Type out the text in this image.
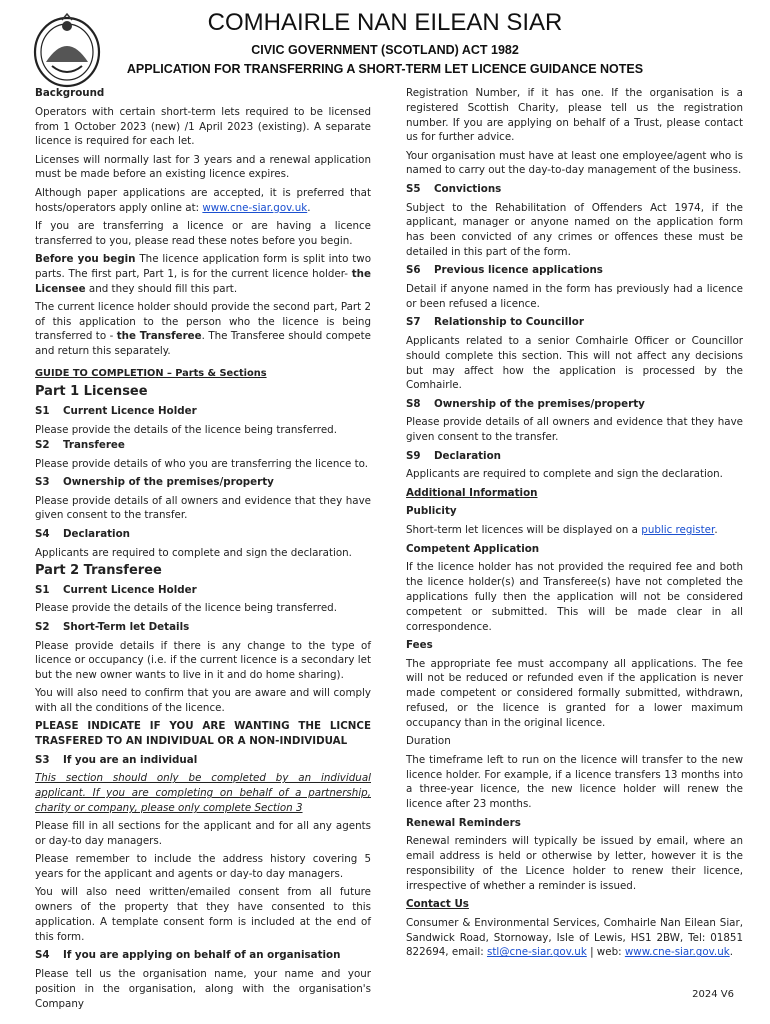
COMHAIRLE NAN EILEAN SIAR
CIVIC GOVERNMENT (SCOTLAND) ACT 1982
APPLICATION FOR TRANSFERRING A SHORT-TERM LET LICENCE GUIDANCE NOTES
Background

Operators with certain short-term lets required to be licensed from 1 October 2023 (new) /1 April 2023 (existing). A separate licence is required for each let.

Licenses will normally last for 3 years and a renewal application must be made before an existing licence expires.

Although paper applications are accepted, it is preferred that hosts/operators apply online at: www.cne-siar.gov.uk.

If you are transferring a licence or are having a licence transferred to you, please read these notes before you begin.

Before you begin The licence application form is split into two parts. The first part, Part 1, is for the current licence holder- the Licensee and they should fill this part.

The current licence holder should provide the second part, Part 2 of this application to the person who the licence is being transferred to - the Transferee. The Transferee should compete and return this separately.

GUIDE TO COMPLETION – Parts & Sections
Part 1 Licensee
S1 Current Licence Holder

Please provide the details of the licence being transferred.

S2 Transferee

Please provide details of who you are transferring the licence to.

S3 Ownership of the premises/property

Please provide details of all owners and evidence that they have given consent to the transfer.

S4 Declaration

Applicants are required to complete and sign the declaration.

Part 2 Transferee
S1 Current Licence Holder

Please provide the details of the licence being transferred.

S2 Short-Term let Details

Please provide details if there is any change to the type of licence or occupancy (i.e. if the current licence is a secondary let but the new owner wants to live in it and do home sharing).

You will also need to confirm that you are aware and will comply with all the conditions of the licence.

PLEASE INDICATE IF YOU ARE WANTING THE LICNCE TRASFERED TO AN INDIVIDUAL OR A NON-INDIVIDUAL

S3 If you are an individual

This section should only be completed by an individual applicant. If you are completing on behalf of a partnership, charity or company, please only complete Section 3

Please fill in all sections for the applicant and for all any agents or day-to day managers.

Please remember to include the address history covering 5 years for the applicant and agents or day-to day managers.

You will also need written/emailed consent from all future owners of the property that they have consented to this application. A template consent form is included at the end of this form.

S4 If you are applying on behalf of an organisation

Please tell us the organisation name, your name and your position in the organisation, along with the organisation's Company

Registration Number, if it has one. If the organisation is a registered Scottish Charity, please tell us the registration number. If you are applying on behalf of a Trust, please contact us for further advice.

Your organisation must have at least one employee/agent who is named to carry out the day-to-day management of the business.

S5 Convictions

Subject to the Rehabilitation of Offenders Act 1974, if the applicant, manager or anyone named on the application form has been convicted of any crimes or offences these must be detailed in this part of the form.

S6 Previous licence applications

Detail if anyone named in the form has previously had a licence or been refused a licence.

S7 Relationship to Councillor

Applicants related to a senior Comhairle Officer or Councillor should complete this section. This will not affect any decisions but may affect how the application is processed by the Comhairle.

S8 Ownership of the premises/property

Please provide details of all owners and evidence that they have given consent to the transfer.

S9 Declaration

Applicants are required to complete and sign the declaration.

Additional Information
Publicity

Short-term let licences will be displayed on a public register.

Competent Application

If the licence holder has not provided the required fee and both the licence holder(s) and Transferee(s) have not completed the applications fully then the application will not be considered competent or submitted. This will be made clear in all correspondence.

Fees

The appropriate fee must accompany all applications. The fee will not be reduced or refunded even if the application is never made competent or considered formally submitted, withdrawn, refused, or the licence is granted for a lower maximum occupancy than in the original licence.

Duration

The timeframe left to run on the licence will transfer to the new licence holder. For example, if a licence transfers 13 months into a three-year licence, the new licence holder will renew the licence after 23 months.

Renewal Reminders

Renewal reminders will typically be issued by email, where an email address is held or otherwise by letter, however it is the responsibility of the Licence holder to renew their licence, irrespective of whether a reminder is issued.

Contact Us

Consumer & Environmental Services, Comhairle Nan Eilean Siar, Sandwick Road, Stornoway, Isle of Lewis, HS1 2BW, Tel: 01851 822694, email: stl@cne-siar.gov.uk | web: www.cne-siar.gov.uk.

2024 V6
